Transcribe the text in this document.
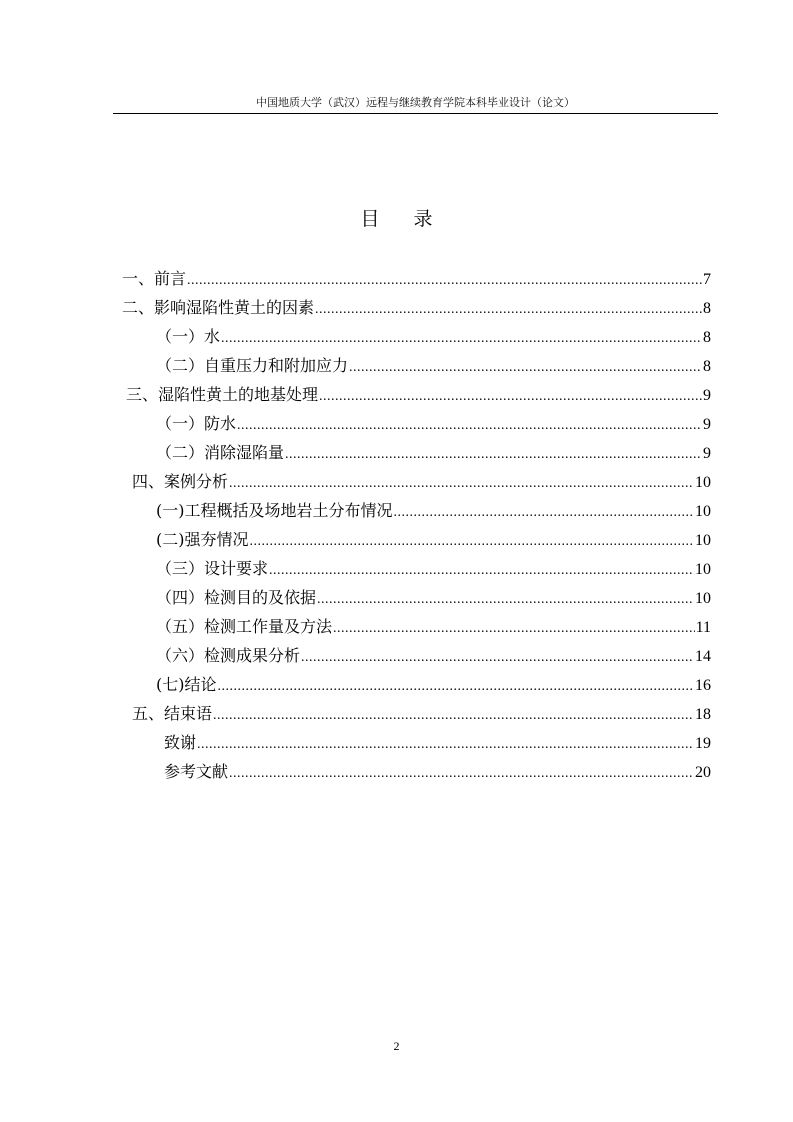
中国地质大学（武汉）远程与继续教育学院本科毕业设计（论文）
目 录
一、前言 .....	7
二、影响湿陷性黄土的因素 .....	8
（一）水 .....	8
（二）自重压力和附加应力 .....	8
三、湿陷性黄土的地基处理 .....	9
（一）防水 .....	9
（二）消除湿陷量 .....	9
四、案例分析 .....	10
(一)工程概括及场地岩土分布情况 .....	10
(二)强夯情况 .....	10
（三）设计要求 .....	10
（四）检测目的及依据 .....	10
（五）检测工作量及方法 .....	11
（六）检测成果分析 .....	14
(七)结论 .....	16
五、结束语 .....	18
致谢 .....	19
参考文献 .....	20
2
